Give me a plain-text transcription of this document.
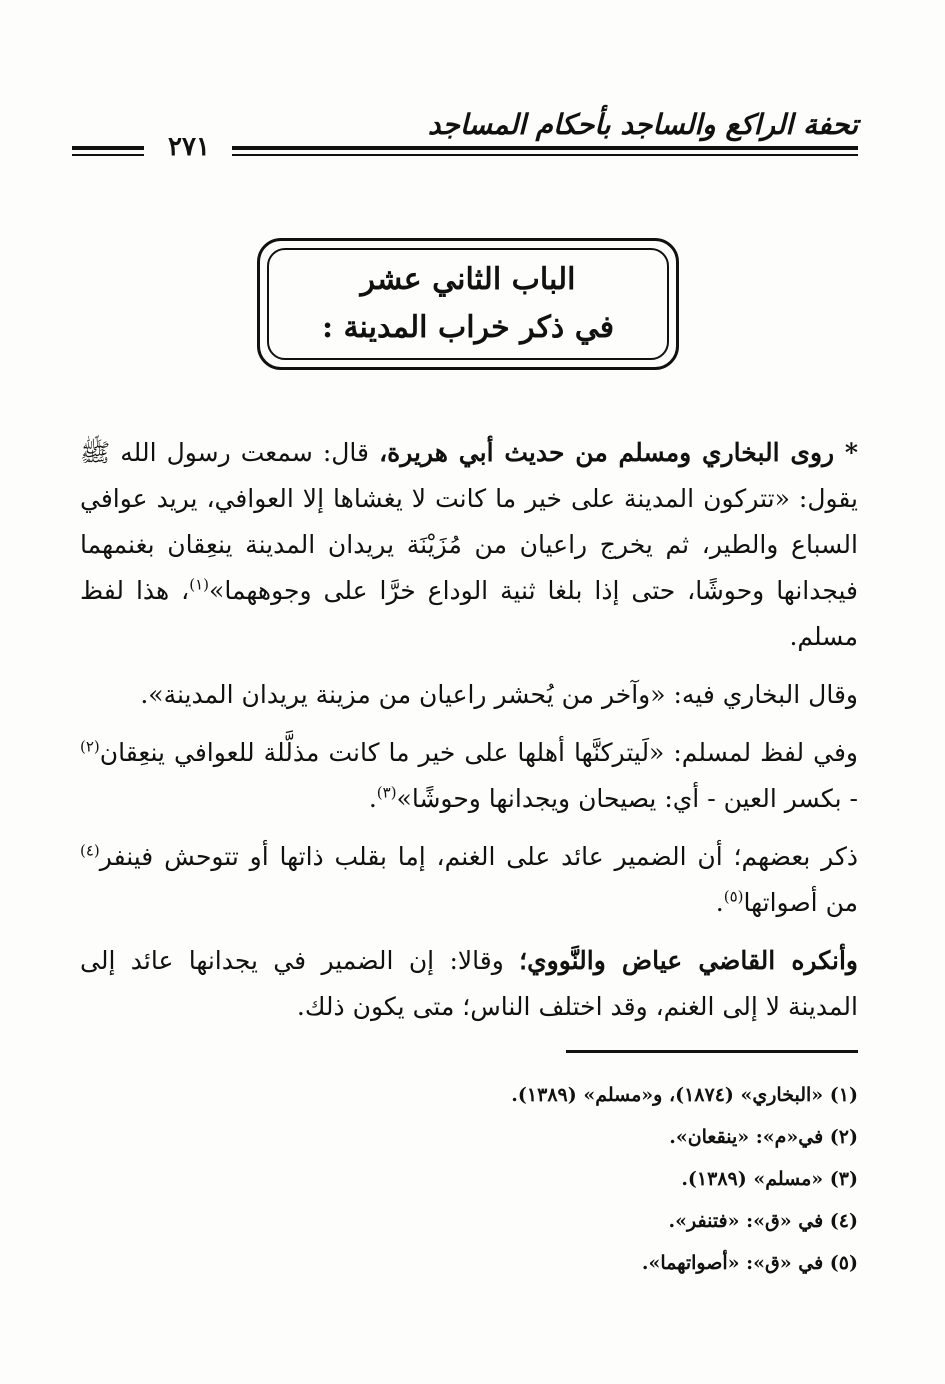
تحفة الراكع والساجد بأحكام المساجد
٢٧١
الباب الثاني عشر
في ذكر خراب المدينة :

* روى البخاري ومسلم من حديث أبي هريرة، قال: سمعت رسول الله ﷺ يقول: «تتركون المدينة على خير ما كانت لا يغشاها إلا العوافي، يريد عوافي السباع والطير، ثم يخرج راعيان من مُزَيْنَة يريدان المدينة ينعِقان بغنمهما فيجدانها وحوشًا، حتى إذا بلغا ثنية الوداع خرَّا على وجوههما»$^{(١)}$، هذا لفظ مسلم.

وقال البخاري فيه: «وآخر من يُحشر راعيان من مزينة يريدان المدينة».

وفي لفظ لمسلم: «لَيتركنَّها أهلها على خير ما كانت مذلَّلة للعوافي ينعِقان$^{(٢)}$ - بكسر العين - أي: يصيحان ويجدانها وحوشًا»$^{(٣)}$.

ذكر بعضهم؛ أن الضمير عائد على الغنم، إما بقلب ذاتها أو تتوحش فينفر$^{(٤)}$ من أصواتها$^{(٥)}$.

وأنكره القاضي عياض والنَّووي؛ وقالا: إن الضمير في يجدانها عائد إلى المدينة لا إلى الغنم، وقد اختلف الناس؛ متى يكون ذلك.

(١) «البخاري» (١٨٧٤)، و«مسلم» (١٣٨٩).
(٢) في«م»: «ينقعان».
(٣) «مسلم» (١٣٨٩).
(٤) في «ق»: «فتنفر».
(٥) في «ق»: «أصواتهما».
